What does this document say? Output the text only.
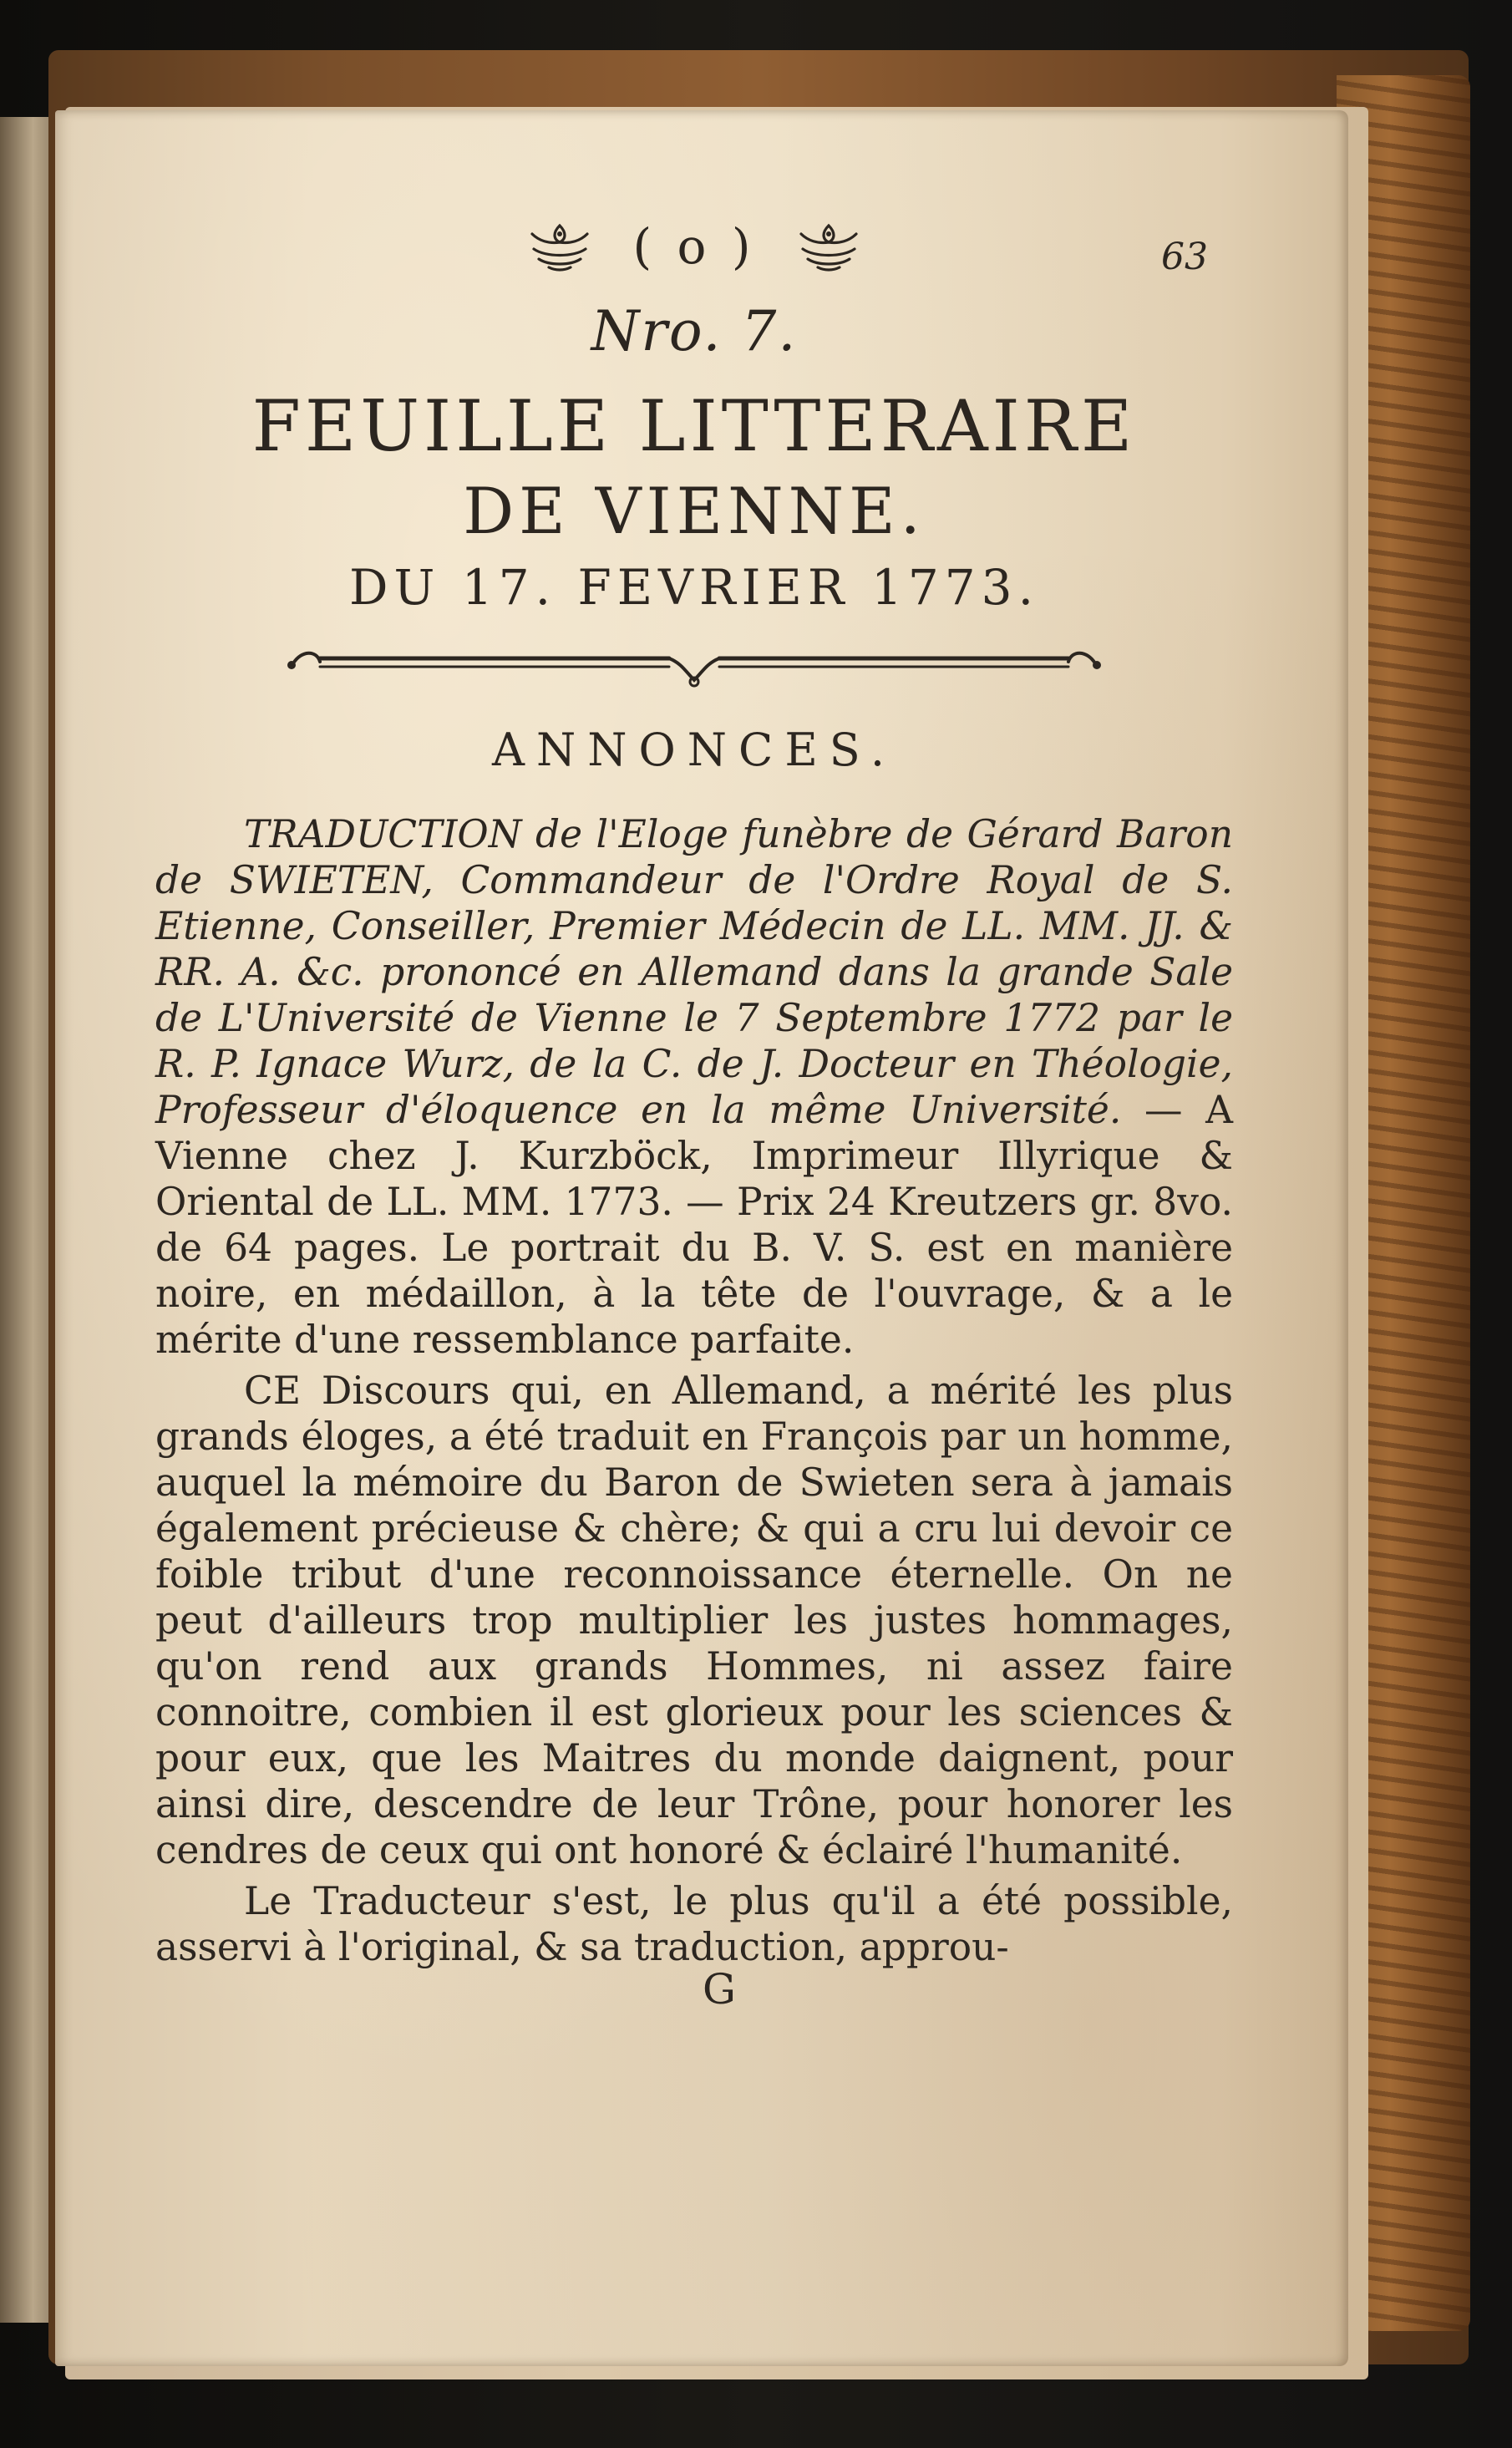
( o )	63
Nro. 7.
FEUILLE LITTERAIRE
DE VIENNE.
DU 17. FEVRIER 1773.
ANNONCES.

TRADUCTION de l'Eloge funèbre de Gérard Baron de SWIETEN, Commandeur de l'Ordre Royal de S. Etienne, Conseiller, Premier Médecin de LL. MM. JJ. & RR. A. &c. prononcé en Allemand dans la grande Sale de L'Université de Vienne le 7 Septembre 1772 par le R. P. Ignace Wurz, de la C. de J. Docteur en Théologie, Professeur d'éloquence en la même Université. — A Vienne chez J. Kurzböck, Imprimeur Illyrique & Oriental de LL. MM. 1773. — Prix 24 Kreutzers gr. 8vo. de 64 pages. Le portrait du B. V. S. est en manière noire, en médaillon, à la tête de l'ouvrage, & a le mérite d'une ressemblance parfaite.

CE Discours qui, en Allemand, a mérité les plus grands éloges, a été traduit en François par un homme, auquel la mémoire du Baron de Swieten sera à jamais également précieuse & chère; & qui a cru lui devoir ce foible tribut d'une reconnoissance éternelle. On ne peut d'ailleurs trop multiplier les justes hommages, qu'on rend aux grands Hommes, ni assez faire connoitre, combien il est glorieux pour les sciences & pour eux, que les Maitres du monde daignent, pour ainsi dire, descendre de leur Trône, pour honorer les cendres de ceux qui ont honoré & éclairé l'humanité.

Le Traducteur s'est, le plus qu'il a été possible, asservi à l'original, & sa traduction, approu-

G
